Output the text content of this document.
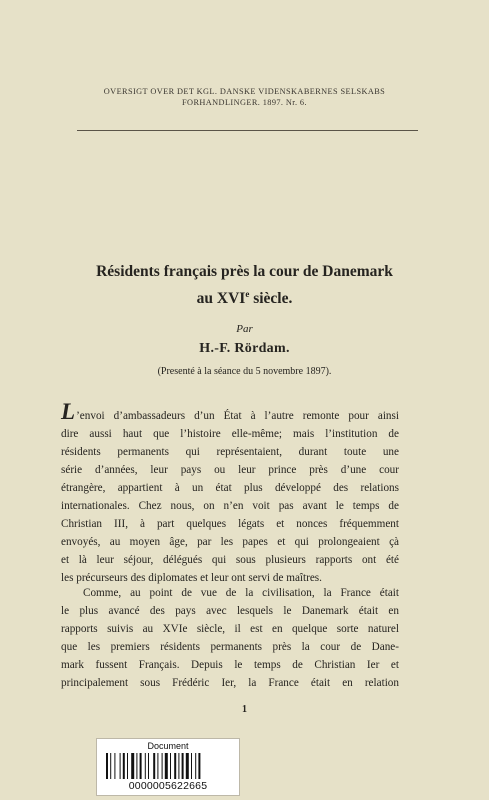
OVERSIGT OVER DET KGL. DANSKE VIDENSKABERNES SELSKABS
FORHANDLINGER. 1897. Nr. 6.
Résidents français près la cour de Danemark
au XVIe siècle.
Par
H.-F. Rördam.
(Presenté à la séance du 5 novembre 1897).
L’envoi d’ambassadeurs d’un État à l’autre remonte pour ainsi
dire aussi haut que l’histoire elle-même; mais l’institution de
résidents permanents qui représentaient, durant toute une
série d’années, leur pays ou leur prince près d’une cour
étrangère, appartient à un état plus développé des relations
internationales. Chez nous, on n’en voit pas avant le temps de
Christian III, à part quelques légats et nonces fréquemment
envoyés, au moyen âge, par les papes et qui prolongeaient çà
et là leur séjour, délégués qui sous plusieurs rapports ont été
les précurseurs des diplomates et leur ont servi de maîtres.
Comme, au point de vue de la civilisation, la France était
le plus avancé des pays avec lesquels le Danemark était en
rapports suivis au XVIe siècle, il est en quelque sorte naturel
que les premiers résidents permanents près la cour de Dane-
mark fussent Français. Depuis le temps de Christian Ier et
principalement sous Frédéric Ier, la France était en relation
1
Document
0000005622665
